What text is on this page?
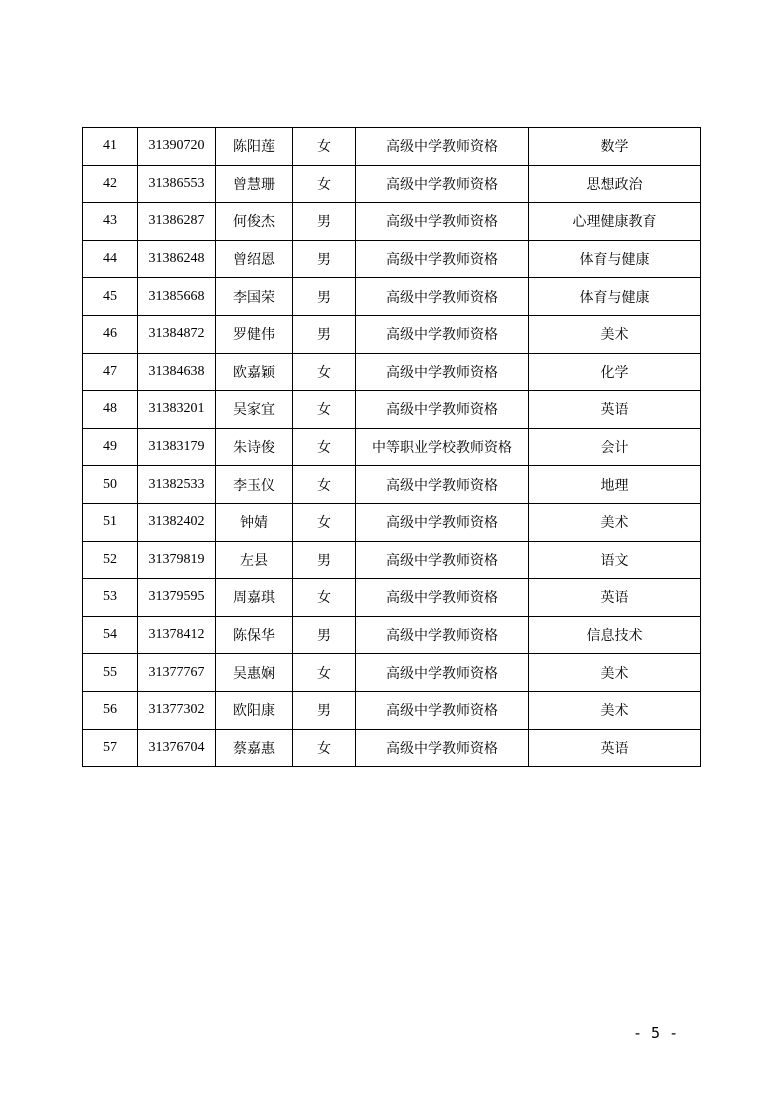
41	31390720	陈阳莲	女	高级中学教师资格	数学
42	31386553	曾慧珊	女	高级中学教师资格	思想政治
43	31386287	何俊杰	男	高级中学教师资格	心理健康教育
44	31386248	曾绍恩	男	高级中学教师资格	体育与健康
45	31385668	李国荣	男	高级中学教师资格	体育与健康
46	31384872	罗健伟	男	高级中学教师资格	美术
47	31384638	欧嘉颖	女	高级中学教师资格	化学
48	31383201	吴家宜	女	高级中学教师资格	英语
49	31383179	朱诗俊	女	中等职业学校教师资格	会计
50	31382533	李玉仪	女	高级中学教师资格	地理
51	31382402	钟婧	女	高级中学教师资格	美术
52	31379819	左县	男	高级中学教师资格	语文
53	31379595	周嘉琪	女	高级中学教师资格	英语
54	31378412	陈保华	男	高级中学教师资格	信息技术
55	31377767	吴惠娴	女	高级中学教师资格	美术
56	31377302	欧阳康	男	高级中学教师资格	美术
57	31376704	蔡嘉惠	女	高级中学教师资格	英语
- 5 -
